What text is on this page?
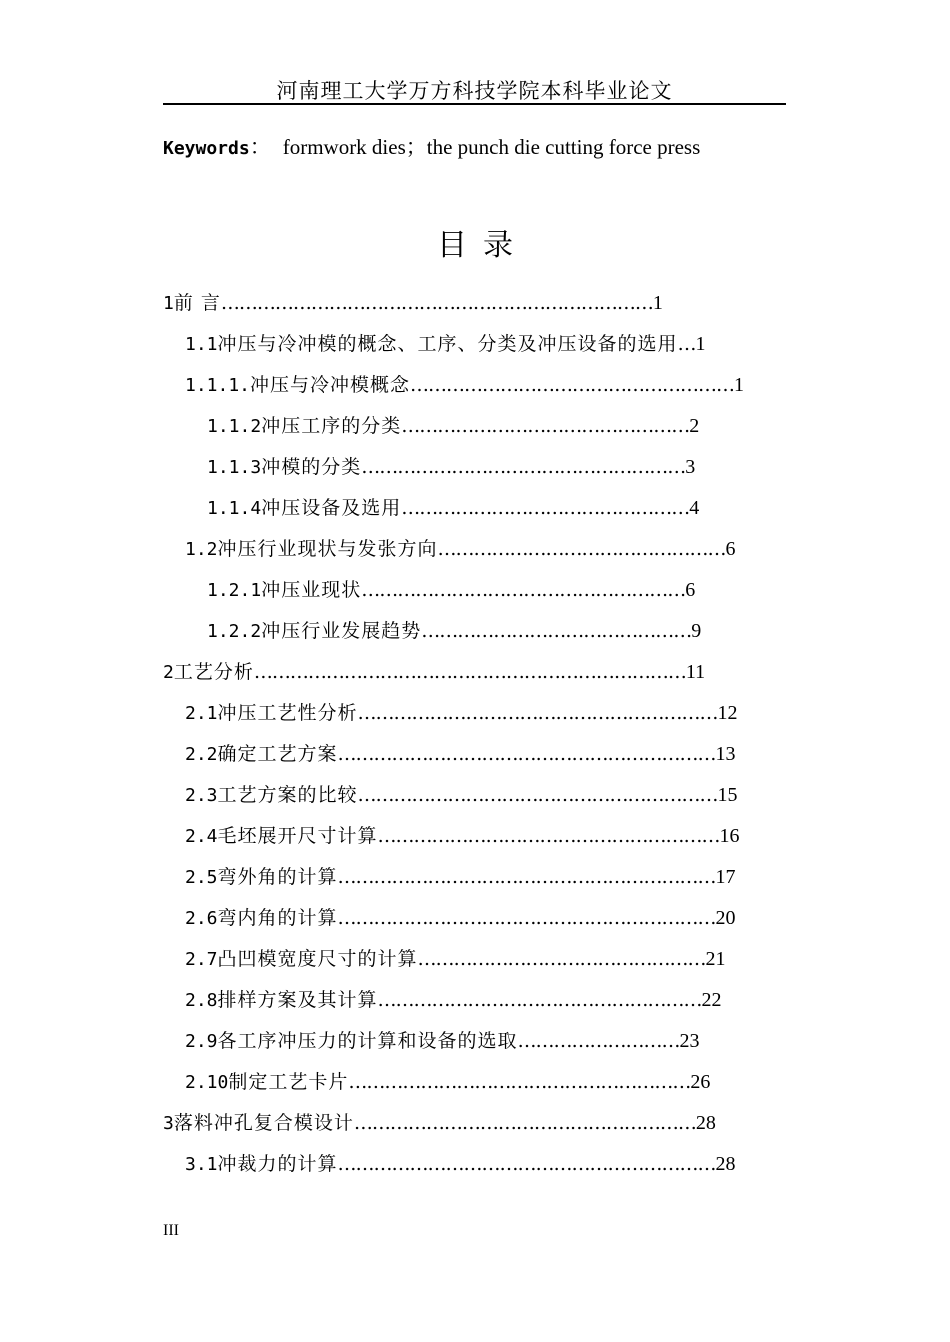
河南理工大学万方科技学院本科毕业论文
Keywords： formwork dies；the punch die cutting force press
目录
1 前 言 ……………………………………………………………… 1
1.1 冲压与冷冲模的概念、工序、分类及冲压设备的选用 … 1
1.1.1. 冲压与冷冲模概念 ……………………………………………… 1
1.1.2 冲压工序的分类 ………………………………………… 2
1.1.3 冲模的分类 ……………………………………………… 3
1.1.4 冲压设备及选用 ………………………………………… 4
1.2 冲压行业现状与发张方向 ………………………………………… 6
1.2.1 冲压业现状 ……………………………………………… 6
1.2.2 冲压行业发展趋势 ……………………………………… 9
2 工艺分析 ……………………………………………………………… 11
2.1 冲压工艺性分析 …………………………………………………… 12
2.2 确定工艺方案 ……………………………………………………… 13
2.3 工艺方案的比较 …………………………………………………… 15
2.4 毛坯展开尺寸计算 ………………………………………………… 16
2.5 弯外角的计算 ……………………………………………………… 17
2.6 弯内角的计算 ……………………………………………………… 20
2.7 凸凹模宽度尺寸的计算 ………………………………………… 21
2.8 排样方案及其计算 ……………………………………………… 22
2.9 各工序冲压力的计算和设备的选取 ……………………… 23
2.10 制定工艺卡片 ………………………………………………… 26
3 落料冲孔复合模设计 ………………………………………………… 28
3.1 冲裁力的计算 ……………………………………………………… 28
III
